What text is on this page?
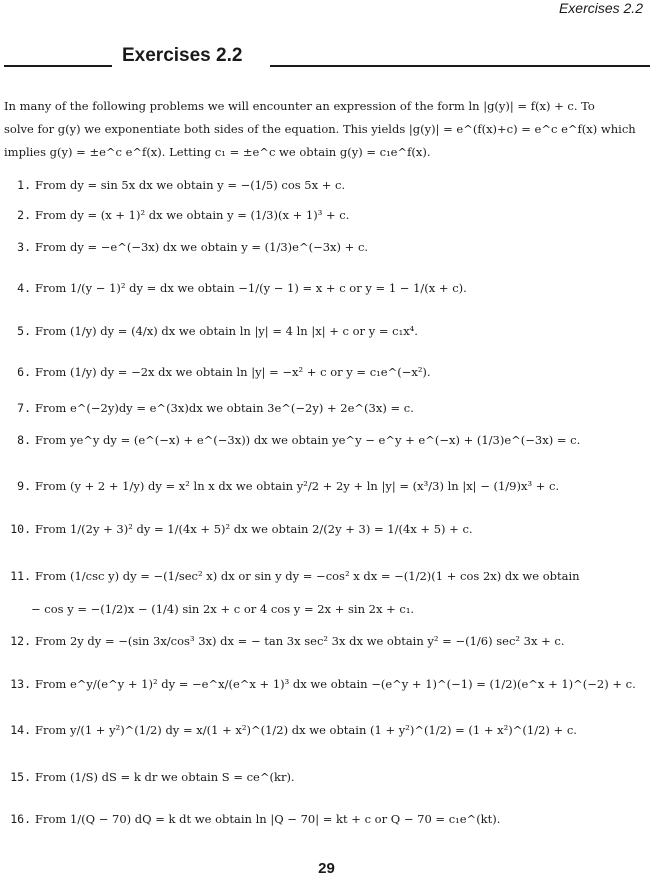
Exercises 2.2
Exercises 2.2

In many of the following problems we will encounter an expression of the form ln |g(y)| = f(x) + c. To

solve for g(y) we exponentiate both sides of the equation. This yields |g(y)| = e^(f(x)+c) = e^c e^f(x) which

implies g(y) = ±e^c e^f(x). Letting c₁ = ±e^c we obtain g(y) = c₁e^f(x).

1. From dy = sin 5x dx we obtain y = −(1/5) cos 5x + c.
2. From dy = (x + 1)² dx we obtain y = (1/3)(x + 1)³ + c.
3. From dy = −e^(−3x) dx we obtain y = (1/3)e^(−3x) + c.
4. From 1/(y − 1)² dy = dx we obtain −1/(y − 1) = x + c or y = 1 − 1/(x + c).
5. From (1/y) dy = (4/x) dx we obtain ln |y| = 4 ln |x| + c or y = c₁x⁴.
6. From (1/y) dy = −2x dx we obtain ln |y| = −x² + c or y = c₁e^(−x²).
7. From e^(−2y)dy = e^(3x)dx we obtain 3e^(−2y) + 2e^(3x) = c.
8. From ye^y dy = (e^(−x) + e^(−3x)) dx we obtain ye^y − e^y + e^(−x) + (1/3)e^(−3x) = c.
9. From (y + 2 + 1/y) dy = x² ln x dx we obtain y²/2 + 2y + ln |y| = (x³/3) ln |x| − (1/9)x³ + c.
10. From 1/(2y + 3)² dy = 1/(4x + 5)² dx we obtain 2/(2y + 3) = 1/(4x + 5) + c.
11. From (1/csc y) dy = −(1/sec² x) dx or sin y dy = −cos² x dx = −(1/2)(1 + cos 2x) dx we obtain
− cos y = −(1/2)x − (1/4) sin 2x + c or 4 cos y = 2x + sin 2x + c₁.
12. From 2y dy = −(sin 3x/cos³ 3x) dx = − tan 3x sec² 3x dx we obtain y² = −(1/6) sec² 3x + c.
13. From e^y/(e^y + 1)² dy = −e^x/(e^x + 1)³ dx we obtain −(e^y + 1)^(−1) = (1/2)(e^x + 1)^(−2) + c.
14. From y/(1 + y²)^(1/2) dy = x/(1 + x²)^(1/2) dx we obtain (1 + y²)^(1/2) = (1 + x²)^(1/2) + c.
15. From (1/S) dS = k dr we obtain S = ce^(kr).
16. From 1/(Q − 70) dQ = k dt we obtain ln |Q − 70| = kt + c or Q − 70 = c₁e^(kt).
29
